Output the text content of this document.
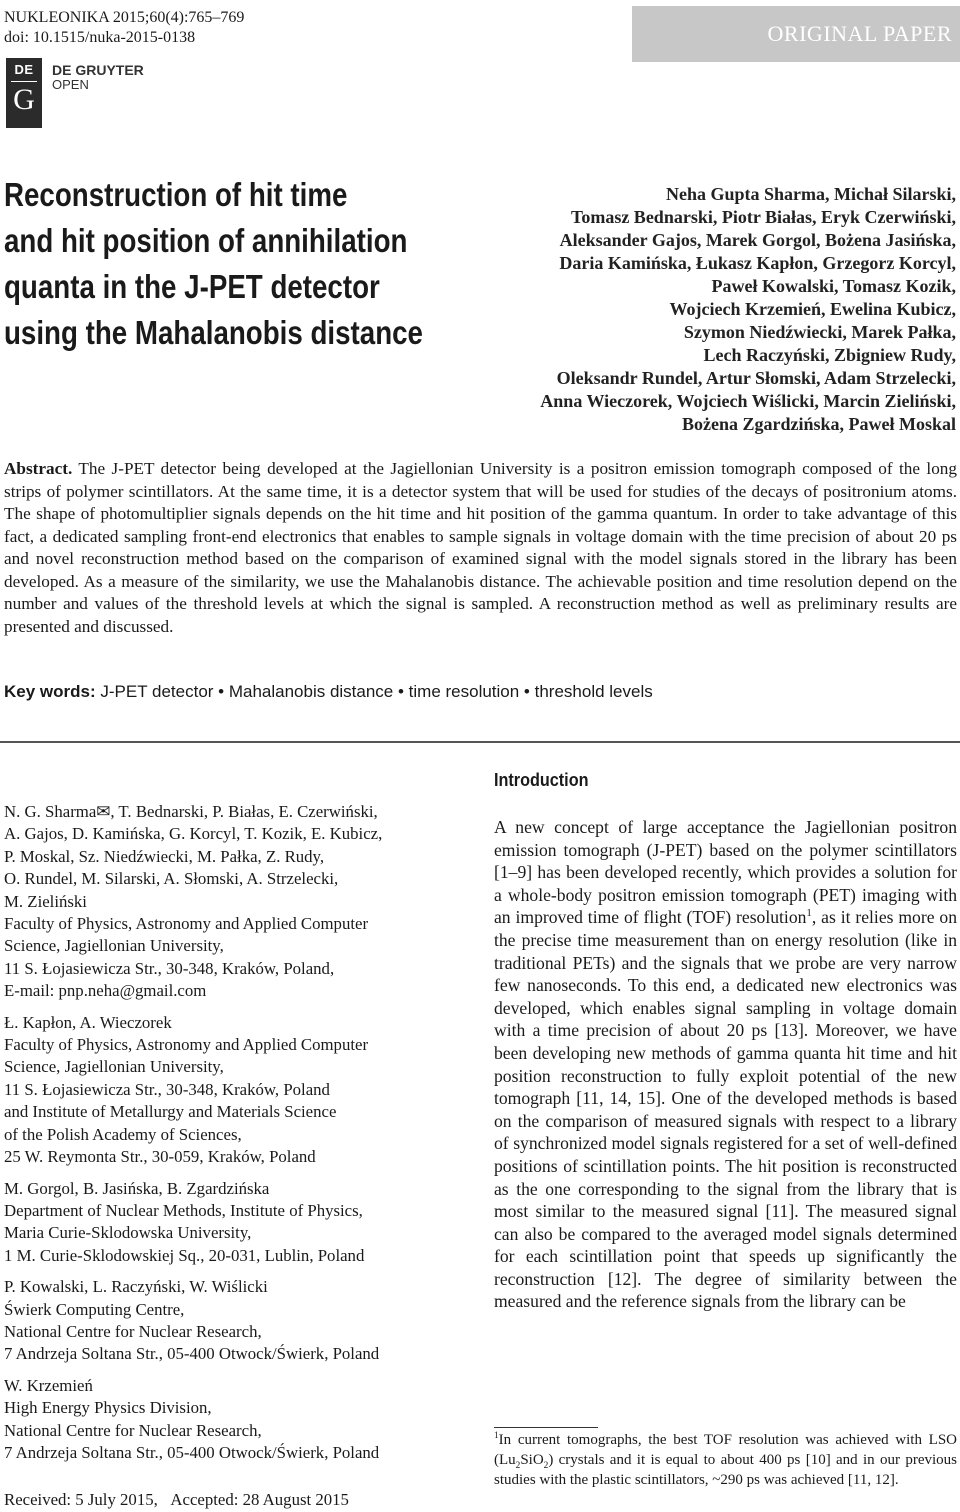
NUKLEONIKA 2015;60(4):765–769
doi: 10.1515/nuka-2015-0138	ORIGINAL PAPER
DE
G
DE GRUYTER
OPEN
Reconstruction of hit time
and hit position of annihilation
quanta in the J-PET detector
using the Mahalanobis distance
Neha Gupta Sharma, Michał Silarski,
Tomasz Bednarski, Piotr Białas, Eryk Czerwiński,
Aleksander Gajos, Marek Gorgol, Bożena Jasińska,
Daria Kamińska, Łukasz Kapłon, Grzegorz Korcyl,
Paweł Kowalski, Tomasz Kozik,
Wojciech Krzemień, Ewelina Kubicz,
Szymon Niedźwiecki, Marek Pałka,
Lech Raczyński, Zbigniew Rudy,
Oleksandr Rundel, Artur Słomski, Adam Strzelecki,
Anna Wieczorek, Wojciech Wiślicki, Marcin Zieliński,
Bożena Zgardzińska, Paweł Moskal
Abstract. The J-PET detector being developed at the Jagiellonian University is a positron emission tomograph composed of the long strips of polymer scintillators. At the same time, it is a detector system that will be used for studies of the decays of positronium atoms. The shape of photomultiplier signals depends on the hit time and hit position of the gamma quantum. In order to take advantage of this fact, a dedicated sampling front-end electronics that enables to sample signals in voltage domain with the time precision of about 20 ps and novel reconstruction method based on the comparison of examined signal with the model signals stored in the library has been developed. As a measure of the similarity, we use the Mahalanobis distance. The achievable position and time resolution depend on the number and values of the threshold levels at which the signal is sampled. A reconstruction method as well as preliminary results are presented and discussed.
Key words: J-PET detector • Mahalanobis distance • time resolution • threshold levels
N. G. Sharma✉, T. Bednarski, P. Białas, E. Czerwiński,
A. Gajos, D. Kamińska, G. Korcyl, T. Kozik, E. Kubicz,
P. Moskal, Sz. Niedźwiecki, M. Pałka, Z. Rudy,
O. Rundel, M. Silarski, A. Słomski, A. Strzelecki,
M. Zieliński
Faculty of Physics, Astronomy and Applied Computer
Science, Jagiellonian University,
11 S. Łojasiewicza Str., 30-348, Kraków, Poland,
E-mail: pnp.neha@gmail.com
Ł. Kapłon, A. Wieczorek
Faculty of Physics, Astronomy and Applied Computer
Science, Jagiellonian University,
11 S. Łojasiewicza Str., 30-348, Kraków, Poland
and Institute of Metallurgy and Materials Science
of the Polish Academy of Sciences,
25 W. Reymonta Str., 30-059, Kraków, Poland
M. Gorgol, B. Jasińska, B. Zgardzińska
Department of Nuclear Methods, Institute of Physics,
Maria Curie-Sklodowska University,
1 M. Curie-Sklodowskiej Sq., 20-031, Lublin, Poland
P. Kowalski, L. Raczyński, W. Wiślicki
Świerk Computing Centre,
National Centre for Nuclear Research,
7 Andrzeja Soltana Str., 05-400 Otwock/Świerk, Poland
W. Krzemień
High Energy Physics Division,
National Centre for Nuclear Research,
7 Andrzeja Soltana Str., 05-400 Otwock/Świerk, Poland
Received: 5 July 2015, Accepted: 28 August 2015
Introduction
A new concept of large acceptance the Jagiellonian positron emission tomograph (J-PET) based on the polymer scintillators [1–9] has been developed recently, which provides a solution for a whole-body positron emission tomograph (PET) imaging with an improved time of flight (TOF) resolution$^1$, as it relies more on the precise time measurement than on energy resolution (like in traditional PETs) and the signals that we probe are very narrow few nanoseconds. To this end, a dedicated new electronics was developed, which enables signal sampling in voltage domain with a time precision of about 20 ps [13]. Moreover, we have been developing new methods of gamma quanta hit time and hit position reconstruction to fully exploit potential of the new tomograph [11, 14, 15]. One of the developed methods is based on the comparison of measured signals with respect to a library of synchronized model signals registered for a set of well-defined positions of scintillation points. The hit position is reconstructed as the one corresponding to the signal from the library that is most similar to the measured signal [11]. The measured signal can also be compared to the averaged model signals determined for each scintillation point that speeds up significantly the reconstruction [12]. The degree of similarity between the measured and the reference signals from the library can be
$^1$In current tomographs, the best TOF resolution was achieved with LSO $(Lu_2SiO_2)$ crystals and it is equal to about 400 ps [10] and in our previous studies with the plastic scintillators, ~290 ps was achieved [11, 12].
